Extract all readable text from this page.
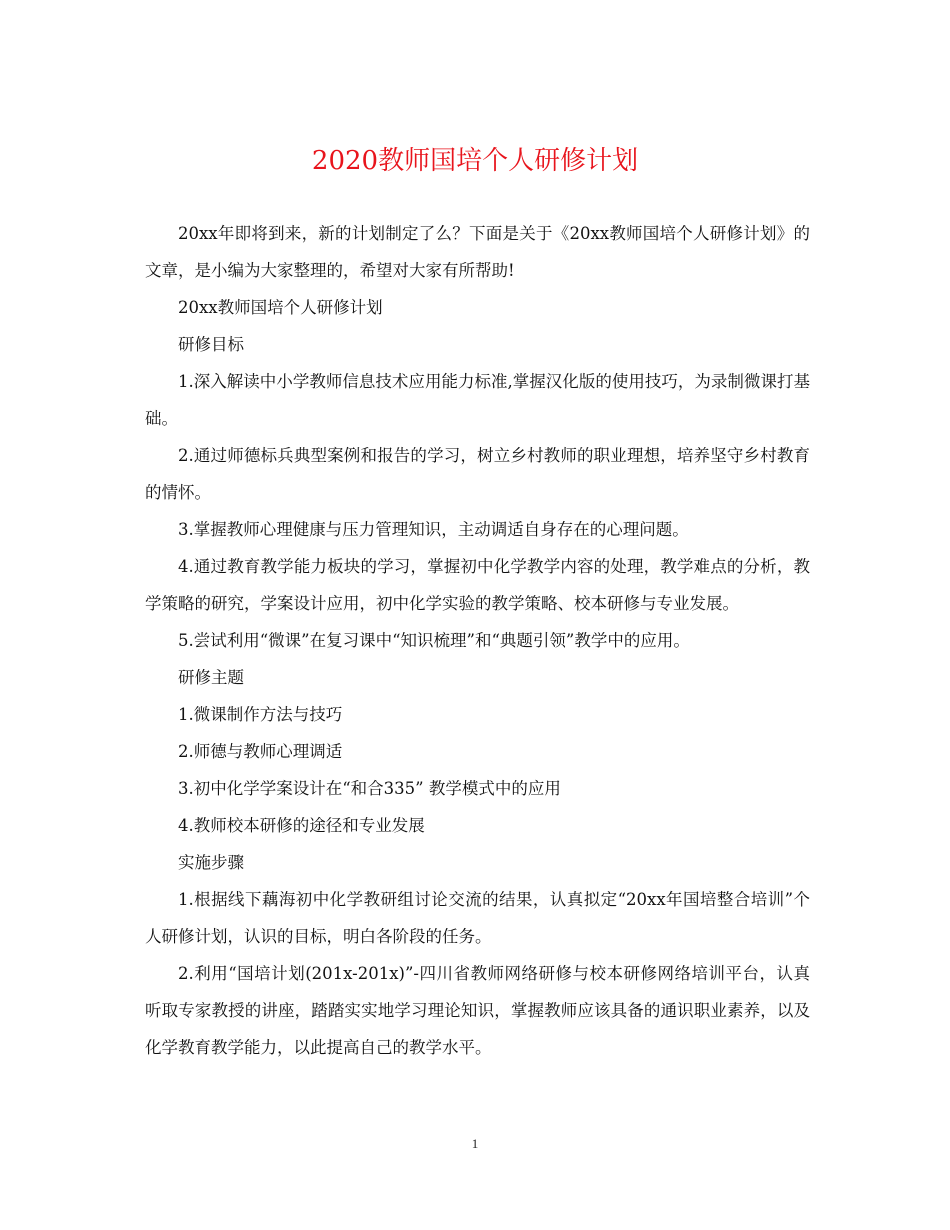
2020教师国培个人研修计划

20xx年即将到来，新的计划制定了么？下面是关于《20xx教师国培个人研修计划》的文章，是小编为大家整理的，希望对大家有所帮助!

20xx教师国培个人研修计划

研修目标

1.深入解读中小学教师信息技术应用能力标准,掌握汉化版的使用技巧，为录制微课打基础。

2.通过师德标兵典型案例和报告的学习，树立乡村教师的职业理想，培养坚守乡村教育的情怀。

3.掌握教师心理健康与压力管理知识，主动调适自身存在的心理问题。

4.通过教育教学能力板块的学习，掌握初中化学教学内容的处理，教学难点的分析，教学策略的研究，学案设计应用，初中化学实验的教学策略、校本研修与专业发展。

5.尝试利用“微课”在复习课中“知识梳理”和“典题引领”教学中的应用。

研修主题

1.微课制作方法与技巧

2.师德与教师心理调适

3.初中化学学案设计在“和合335” 教学模式中的应用

4.教师校本研修的途径和专业发展

实施步骤

1.根据线下藕海初中化学教研组讨论交流的结果，认真拟定“20xx年国培整合培训”个人研修计划，认识的目标，明白各阶段的任务。

2.利用“国培计划(201x-201x)”-四川省教师网络研修与校本研修网络培训平台，认真听取专家教授的讲座，踏踏实实地学习理论知识，掌握教师应该具备的通识职业素养，以及化学教育教学能力，以此提高自己的教学水平。

1
